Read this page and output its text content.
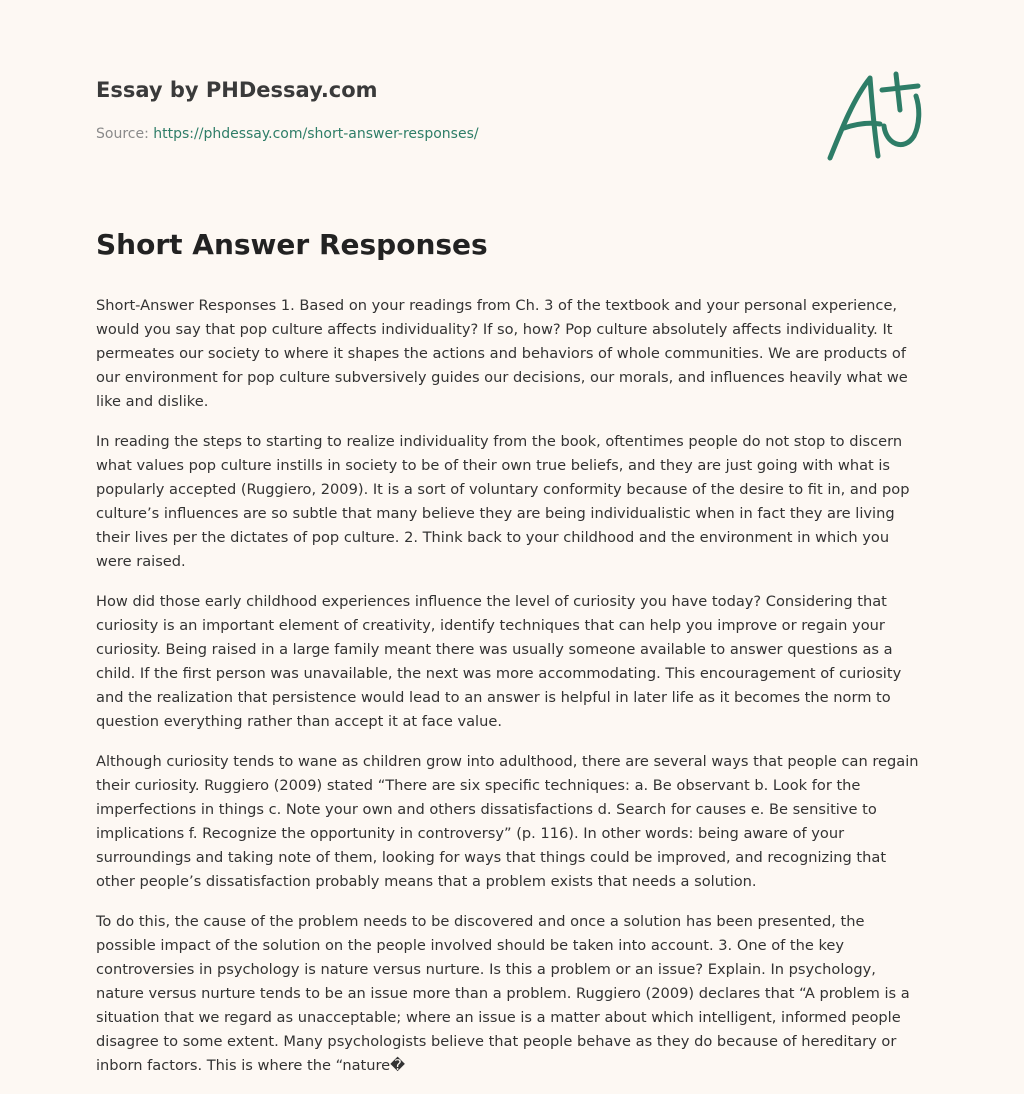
Essay by PHDessay.com
Source: https://phdessay.com/short-answer-responses/
Short Answer Responses

Short-Answer Responses 1. Based on your readings from Ch. 3 of the textbook and your personal experience, would you say that pop culture affects individuality? If so, how? Pop culture absolutely affects individuality. It permeates our society to where it shapes the actions and behaviors of whole communities. We are products of our environment for pop culture subversively guides our decisions, our morals, and influences heavily what we like and dislike.

In reading the steps to starting to realize individuality from the book, oftentimes people do not stop to discern what values pop culture instills in society to be of their own true beliefs, and they are just going with what is popularly accepted (Ruggiero, 2009). It is a sort of voluntary conformity because of the desire to fit in, and pop culture’s influences are so subtle that many believe they are being individualistic when in fact they are living their lives per the dictates of pop culture. 2. Think back to your childhood and the environment in which you were raised.

How did those early childhood experiences influence the level of curiosity you have today? Considering that curiosity is an important element of creativity, identify techniques that can help you improve or regain your curiosity. Being raised in a large family meant there was usually someone available to answer questions as a child. If the first person was unavailable, the next was more accommodating. This encouragement of curiosity and the realization that persistence would lead to an answer is helpful in later life as it becomes the norm to question everything rather than accept it at face value.

Although curiosity tends to wane as children grow into adulthood, there are several ways that people can regain their curiosity. Ruggiero (2009) stated “There are six specific techniques: a. Be observant b. Look for the imperfections in things c. Note your own and others dissatisfactions d. Search for causes e. Be sensitive to implications f. Recognize the opportunity in controversy” (p. 116). In other words: being aware of your surroundings and taking note of them, looking for ways that things could be improved, and recognizing that other people’s dissatisfaction probably means that a problem exists that needs a solution.

To do this, the cause of the problem needs to be discovered and once a solution has been presented, the possible impact of the solution on the people involved should be taken into account. 3. One of the key controversies in psychology is nature versus nurture. Is this a problem or an issue? Explain. In psychology, nature versus nurture tends to be an issue more than a problem. Ruggiero (2009) declares that “A problem is a situation that we regard as unacceptable; where an issue is a matter about which intelligent, informed people disagree to some extent. Many psychologists believe that people behave as they do because of hereditary or inborn factors. This is where the “nature�
